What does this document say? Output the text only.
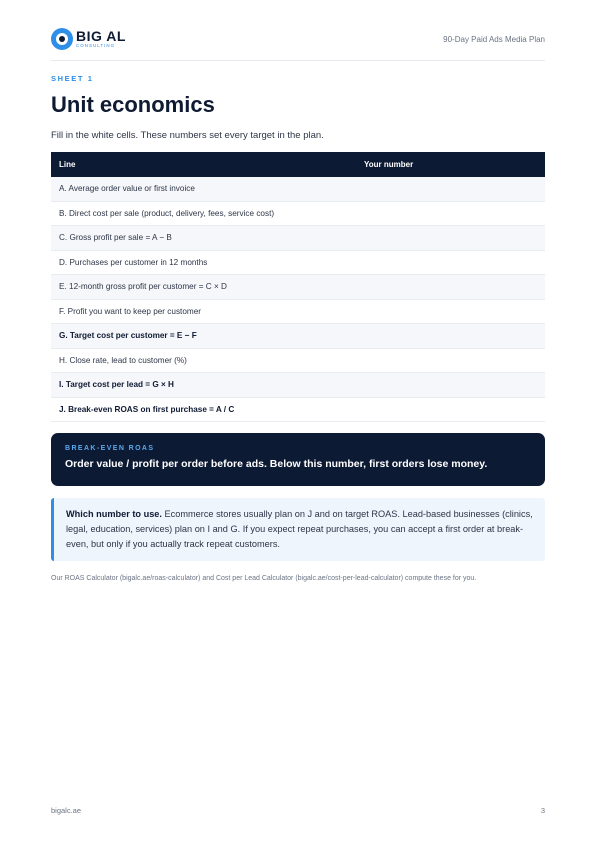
BIG AL
CONSULTING
90-Day Paid Ads Media Plan
SHEET 1
Unit economics

Fill in the white cells. These numbers set every target in the plan.

Line	Your number
A. Average order value or first invoice
B. Direct cost per sale (product, delivery, fees, service cost)
C. Gross profit per sale = A − B
D. Purchases per customer in 12 months
E. 12-month gross profit per customer = C × D
F. Profit you want to keep per customer
G. Target cost per customer = E − F
H. Close rate, lead to customer (%)
I. Target cost per lead = G × H
J. Break-even ROAS on first purchase = A / C
BREAK-EVEN ROAS
Order value / profit per order before ads. Below this number, first orders lose money.
Which number to use. Ecommerce stores usually plan on J and on target ROAS. Lead-based businesses (clinics, legal, education, services) plan on I and G. If you expect repeat purchases, you can accept a first order at break-even, but only if you actually track repeat customers.

Our ROAS Calculator (bigalc.ae/roas-calculator) and Cost per Lead Calculator (bigalc.ae/cost-per-lead-calculator) compute these for you.

bigalc.ae	3
